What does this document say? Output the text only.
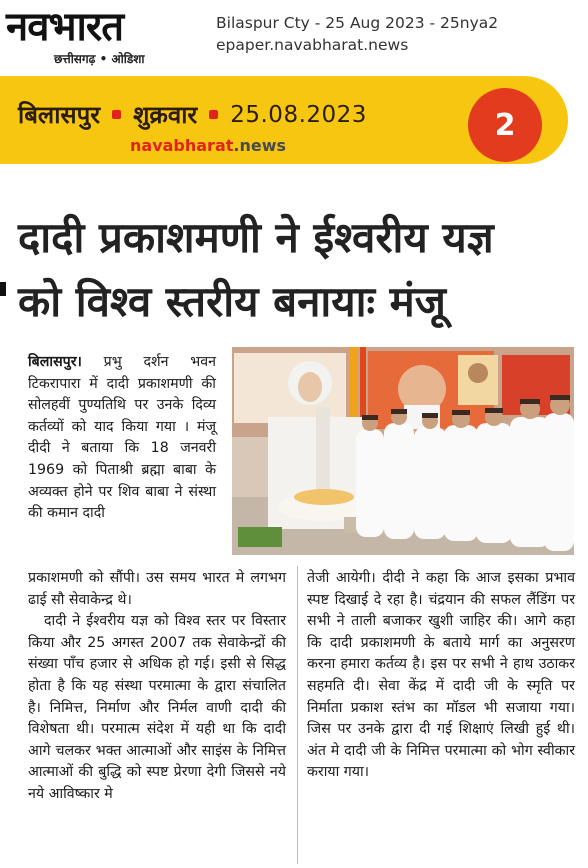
नवभारत
छत्तीसगढ़ • ओडिशा
Bilaspur Cty - 25 Aug 2023 - 25nya2
epaper.navabharat.news
बिलासपुर शुक्रवार 25.08.2023
navabharat.news
2
दादी प्रकाशमणी ने ईश्वरीय यज्ञ
को विश्व स्तरीय बनायाः मंजू
बिलासपुर। प्रभु दर्शन भवन टिकरापारा में दादी प्रकाशमणी की सोलहवीं पुण्यतिथि पर उनके दिव्य कर्तव्यों को याद किया गया । मंजू दीदी ने बताया कि 18 जनवरी 1969 को पिताश्री ब्रह्मा बाबा के अव्यक्त होने पर शिव बाबा ने संस्था की कमान दादी
प्रकाशमणी को सौंपी। उस समय भारत मे लगभग ढाई सौ सेवाकेन्द्र थे।
दादी ने ईश्वरीय यज्ञ को विश्व स्तर पर विस्तार किया और 25 अगस्त 2007 तक सेवाकेन्द्रों की संख्या पाँच हजार से अधिक हो गई। इसी से सिद्ध होता है कि यह संस्था परमात्मा के द्वारा संचालित है। निमित्त, निर्माण और निर्मल वाणी दादी की विशेषता थी। परमात्म संदेश में यही था कि दादी आगे चलकर भक्त आत्माओं और साइंस के निमित्त आत्माओं की बुद्धि को स्पष्ट प्रेरणा देगी जिससे नये नये आविष्कार मे
तेजी आयेगी। दीदी ने कहा कि आज इसका प्रभाव स्पष्ट दिखाई दे रहा है। चंद्रयान की सफल लैंडिंग पर सभी ने ताली बजाकर खुशी जाहिर की। आगे कहा कि दादी प्रकाशमणी के बताये मार्ग का अनुसरण करना हमारा कर्तव्य है। इस पर सभी ने हाथ उठाकर सहमति दी। सेवा केंद्र में दादी जी के स्मृति पर निर्माता प्रकाश स्तंभ का मॉडल भी सजाया गया। जिस पर उनके द्वारा दी गई शिक्षाएं लिखी हुई थी। अंत मे दादी जी के निमित्त परमात्मा को भोग स्वीकार कराया गया।
